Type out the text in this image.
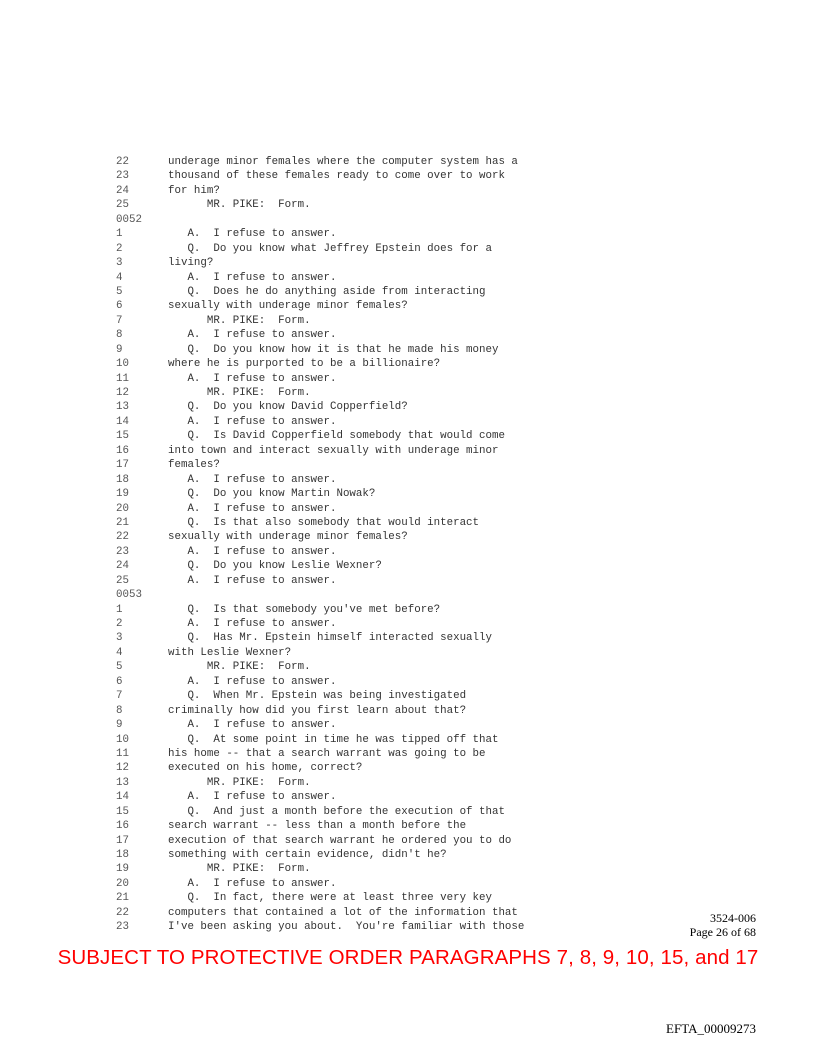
22	underage minor females where the computer system has a
23	thousand of these females ready to come over to work
24	for him?
25	MR. PIKE:  Form.
0052
1	A.  I refuse to answer.
2	Q.  Do you know what Jeffrey Epstein does for a
3	living?
4	A.  I refuse to answer.
5	Q.  Does he do anything aside from interacting
6	sexually with underage minor females?
7	MR. PIKE:  Form.
8	A.  I refuse to answer.
9	Q.  Do you know how it is that he made his money
10	where he is purported to be a billionaire?
11	A.  I refuse to answer.
12	MR. PIKE:  Form.
13	Q.  Do you know David Copperfield?
14	A.  I refuse to answer.
15	Q.  Is David Copperfield somebody that would come
16	into town and interact sexually with underage minor
17	females?
18	A.  I refuse to answer.
19	Q.  Do you know Martin Nowak?
20	A.  I refuse to answer.
21	Q.  Is that also somebody that would interact
22	sexually with underage minor females?
23	A.  I refuse to answer.
24	Q.  Do you know Leslie Wexner?
25	A.  I refuse to answer.
0053
1	Q.  Is that somebody you've met before?
2	A.  I refuse to answer.
3	Q.  Has Mr. Epstein himself interacted sexually
4	with Leslie Wexner?
5	MR. PIKE:  Form.
6	A.  I refuse to answer.
7	Q.  When Mr. Epstein was being investigated
8	criminally how did you first learn about that?
9	A.  I refuse to answer.
10	Q.  At some point in time he was tipped off that
11	his home -- that a search warrant was going to be
12	executed on his home, correct?
13	MR. PIKE:  Form.
14	A.  I refuse to answer.
15	Q.  And just a month before the execution of that
16	search warrant -- less than a month before the
17	execution of that search warrant he ordered you to do
18	something with certain evidence, didn't he?
19	MR. PIKE:  Form.
20	A.  I refuse to answer.
21	Q.  In fact, there were at least three very key
22	computers that contained a lot of the information that
23	I've been asking you about.  You're familiar with those
3524-006
Page 26 of 68
SUBJECT TO PROTECTIVE ORDER PARAGRAPHS 7, 8, 9, 10, 15, and 17
EFTA_00009273
